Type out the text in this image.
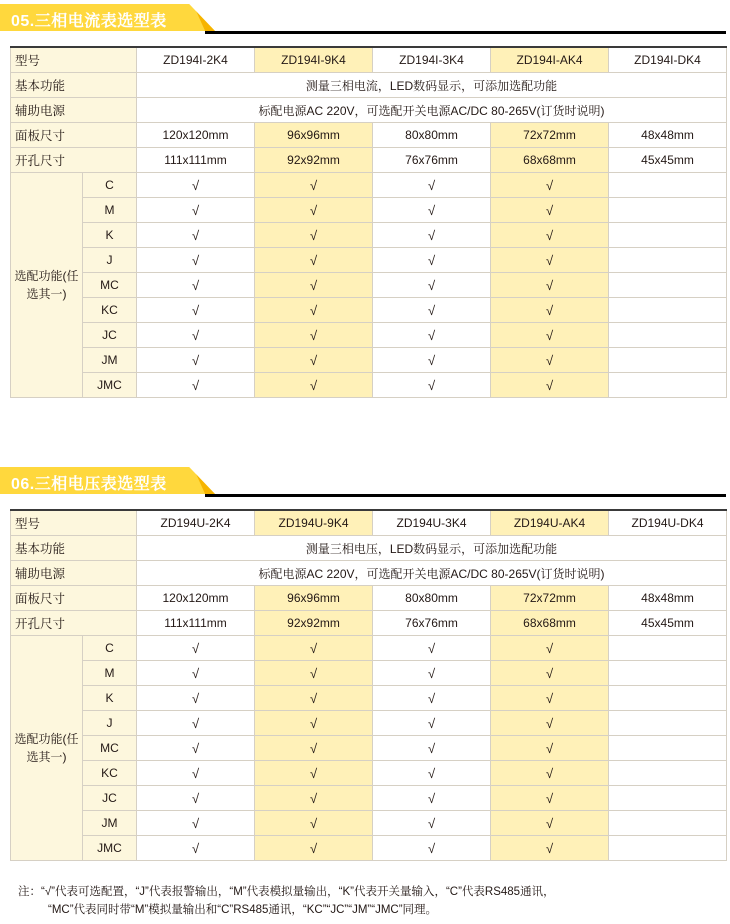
05.三相电流表选型表
型号		ZD194I-2K4	ZD194I-9K4	ZD194I-3K4	ZD194I-AK4	ZD194I-DK4
基本功能		测量三相电流，LED数码显示，可添加选配功能				
辅助电源		标配电源AC 220V，可选配开关电源AC/DC 80-265V(订货时说明)				
面板尺寸		120x120mm	96x96mm	80x80mm	72x72mm	48x48mm
开孔尺寸		111x111mm	92x92mm	76x76mm	68x68mm	45x45mm
选配功能(任选其一)	C	√	√	√	√	
	M	√	√	√	√	
	K	√	√	√	√	
	J	√	√	√	√	
	MC	√	√	√	√	
	KC	√	√	√	√	
	JC	√	√	√	√	
	JM	√	√	√	√	
	JMC	√	√	√	√	
06.三相电压表选型表
型号		ZD194U-2K4	ZD194U-9K4	ZD194U-3K4	ZD194U-AK4	ZD194U-DK4
基本功能		测量三相电压，LED数码显示，可添加选配功能				
辅助电源		标配电源AC 220V，可选配开关电源AC/DC 80-265V(订货时说明)				
面板尺寸		120x120mm	96x96mm	80x80mm	72x72mm	48x48mm
开孔尺寸		111x111mm	92x92mm	76x76mm	68x68mm	45x45mm
选配功能(任选其一)	C	√	√	√	√	
	M	√	√	√	√	
	K	√	√	√	√	
	J	√	√	√	√	
	MC	√	√	√	√	
	KC	√	√	√	√	
	JC	√	√	√	√	
	JM	√	√	√	√	
	JMC	√	√	√	√	
注：“√”代表可选配置，“J”代表报警输出，“M”代表模拟量输出，“K”代表开关量输入，“C”代表RS485通讯，
“MC”代表同时带“M”模拟量输出和“C”RS485通讯，“KC”“JC”“JM”“JMC”同理。
